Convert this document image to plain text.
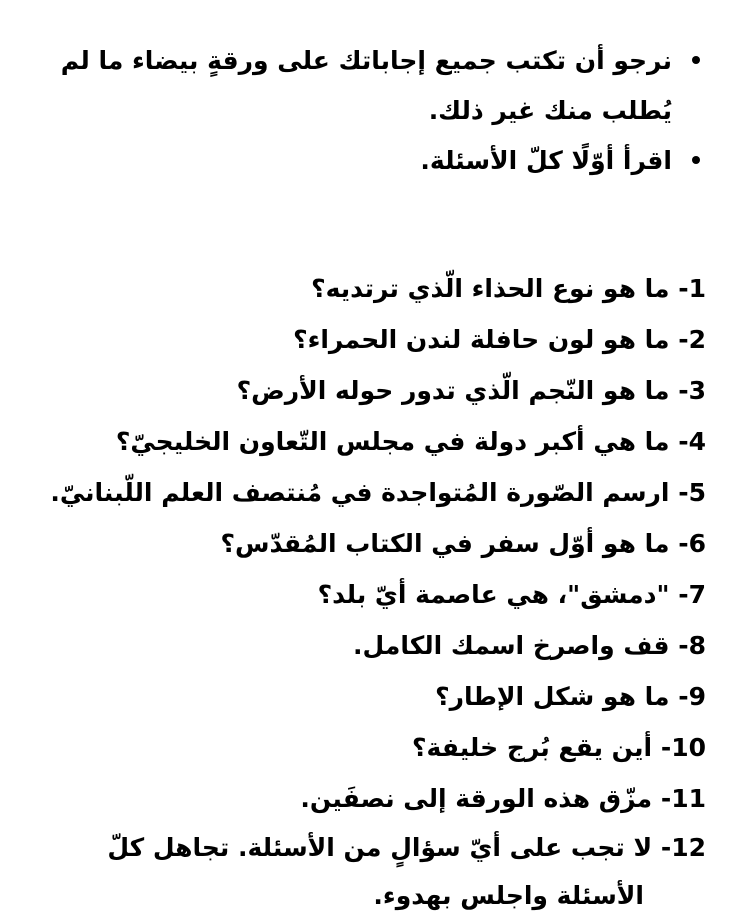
نرجو أن تكتب جميع إجاباتك على ورقةٍ بيضاء ما لم يُطلب منك غير ذلك.
اقرأ أوّلًا كلّ الأسئلة.
1- ما هو نوع الحذاء الّذي ترتديه؟
2- ما هو لون حافلة لندن الحمراء؟
3- ما هو النّجم الّذي تدور حوله الأرض؟
4- ما هي أكبر دولة في مجلس التّعاون الخليجيّ؟
5- ارسم الصّورة المُتواجدة في مُنتصف العلم اللّبنانيّ.
6- ما هو أوّل سفر في الكتاب المُقدّس؟
7- "دمشق"، هي عاصمة أيّ بلد؟
8- قف واصرخ اسمك الكامل.
9- ما هو شكل الإطار؟
10- أين يقع بُرج خليفة؟
11- مزّق هذه الورقة إلى نصفَين.
12- لا تجب على أيّ سؤالٍ من الأسئلة. تجاهل كلّ الأسئلة واجلس بهدوء.
